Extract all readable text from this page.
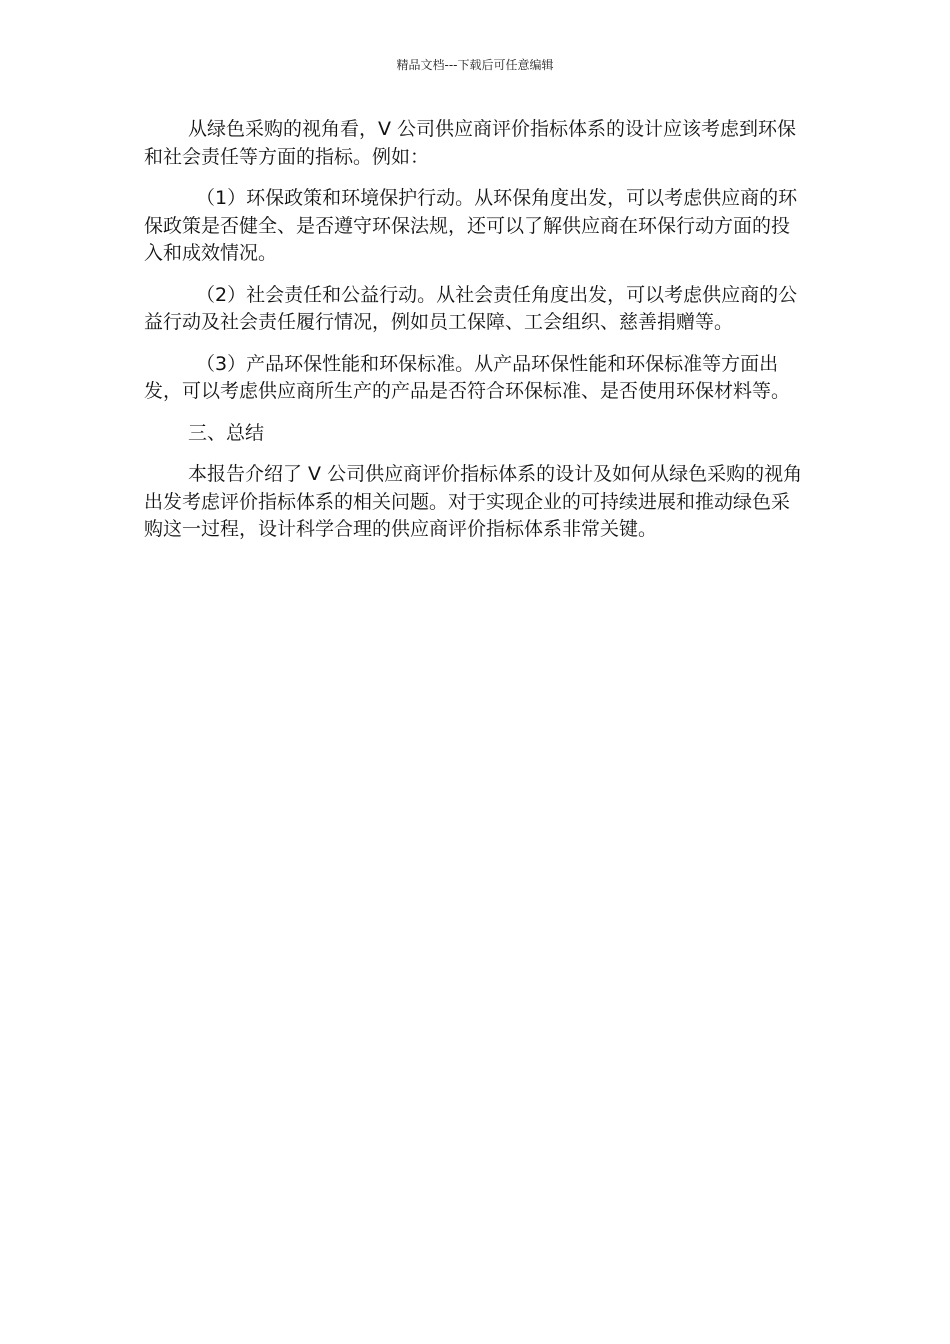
精品文档---下载后可任意编辑

从绿色采购的视角看，V 公司供应商评价指标体系的设计应该考虑到环保和社会责任等方面的指标。例如：

（1）环保政策和环境保护行动。从环保角度出发，可以考虑供应商的环保政策是否健全、是否遵守环保法规，还可以了解供应商在环保行动方面的投入和成效情况。

（2）社会责任和公益行动。从社会责任角度出发，可以考虑供应商的公益行动及社会责任履行情况，例如员工保障、工会组织、慈善捐赠等。

（3）产品环保性能和环保标准。从产品环保性能和环保标准等方面出发，可以考虑供应商所生产的产品是否符合环保标准、是否使用环保材料等。

三、总结

本报告介绍了 V 公司供应商评价指标体系的设计及如何从绿色采购的视角出发考虑评价指标体系的相关问题。对于实现企业的可持续进展和推动绿色采购这一过程，设计科学合理的供应商评价指标体系非常关键。
